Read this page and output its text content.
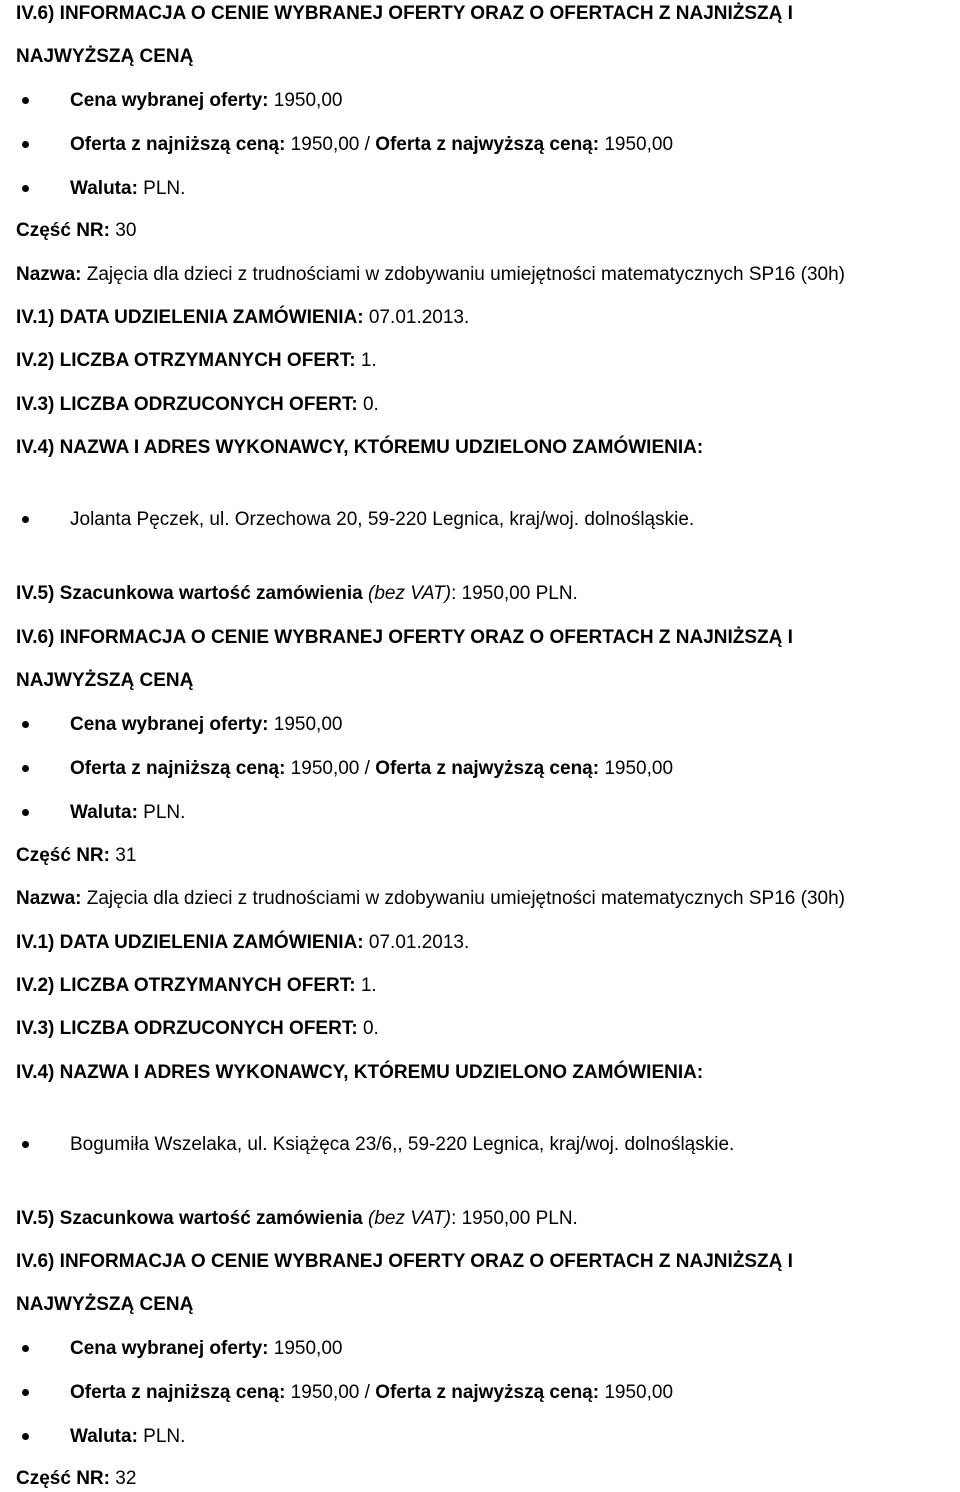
IV.6) INFORMACJA O CENIE WYBRANEJ OFERTY ORAZ O OFERTACH Z NAJNIŻSZĄ I
NAJWYŻSZĄ CENĄ
Cena wybranej oferty: 1950,00
Oferta z najniższą ceną: 1950,00 / Oferta z najwyższą ceną: 1950,00
Waluta: PLN.
Część NR: 30
Nazwa: Zajęcia dla dzieci z trudnościami w zdobywaniu umiejętności matematycznych SP16 (30h)
IV.1) DATA UDZIELENIA ZAMÓWIENIA: 07.01.2013.
IV.2) LICZBA OTRZYMANYCH OFERT: 1.
IV.3) LICZBA ODRZUCONYCH OFERT: 0.
IV.4) NAZWA I ADRES WYKONAWCY, KTÓREMU UDZIELONO ZAMÓWIENIA:
Jolanta Pęczek, ul. Orzechowa 20, 59-220 Legnica, kraj/woj. dolnośląskie.
IV.5) Szacunkowa wartość zamówienia (bez VAT): 1950,00 PLN.
IV.6) INFORMACJA O CENIE WYBRANEJ OFERTY ORAZ O OFERTACH Z NAJNIŻSZĄ I
NAJWYŻSZĄ CENĄ
Cena wybranej oferty: 1950,00
Oferta z najniższą ceną: 1950,00 / Oferta z najwyższą ceną: 1950,00
Waluta: PLN.
Część NR: 31
Nazwa: Zajęcia dla dzieci z trudnościami w zdobywaniu umiejętności matematycznych SP16 (30h)
IV.1) DATA UDZIELENIA ZAMÓWIENIA: 07.01.2013.
IV.2) LICZBA OTRZYMANYCH OFERT: 1.
IV.3) LICZBA ODRZUCONYCH OFERT: 0.
IV.4) NAZWA I ADRES WYKONAWCY, KTÓREMU UDZIELONO ZAMÓWIENIA:
Bogumiła Wszelaka, ul. Książęca 23/6,, 59-220 Legnica, kraj/woj. dolnośląskie.
IV.5) Szacunkowa wartość zamówienia (bez VAT): 1950,00 PLN.
IV.6) INFORMACJA O CENIE WYBRANEJ OFERTY ORAZ O OFERTACH Z NAJNIŻSZĄ I
NAJWYŻSZĄ CENĄ
Cena wybranej oferty: 1950,00
Oferta z najniższą ceną: 1950,00 / Oferta z najwyższą ceną: 1950,00
Waluta: PLN.
Część NR: 32
